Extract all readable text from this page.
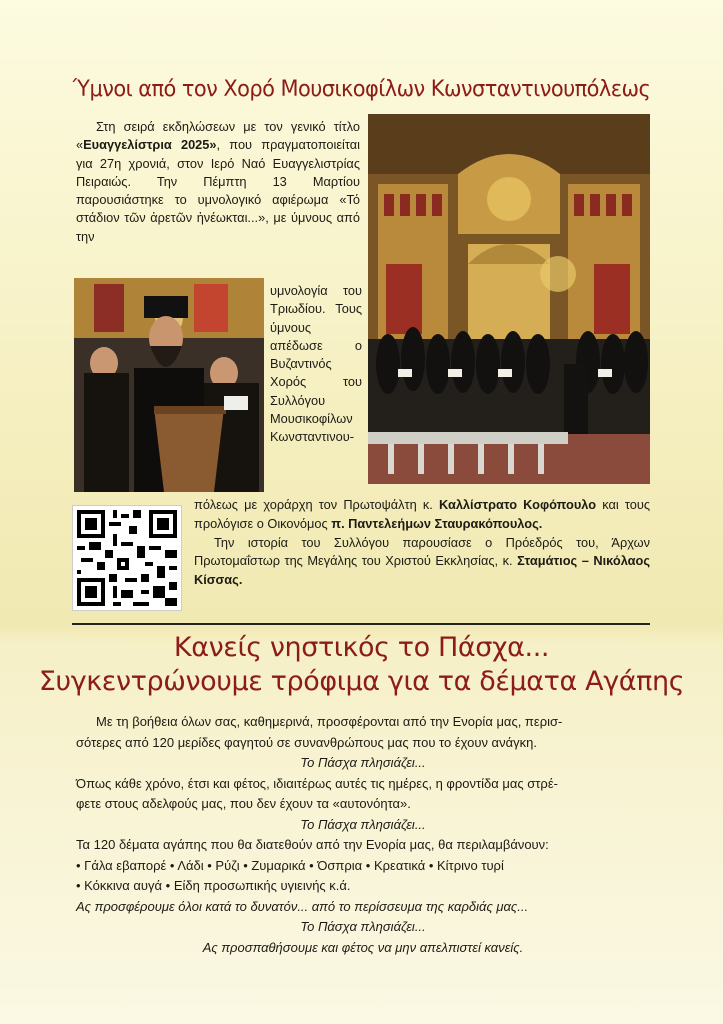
Ύμνοι από τον Χορό Μουσικοφίλων Κωνσταντινουπόλεως
Στη σειρά εκδηλώσεων με τον γενικό τίτλο «Ευαγγελίστρια 2025», που πραγματοποιείται για 27η χρονιά, στον Ιερό Ναό Ευαγγελιστρίας Πειραιώς. Την Πέμπτη 13 Μαρτίου παρουσιάστηκε το υμνολογικό αφιέρωμα «Τό στάδιον τῶν ἀρετῶν ἠνέωκται...», με ύμνους από την
υμνολογία του Τριωδίου. Τους ύμνους απέδωσε ο Βυζαντινός Χορός του Συλλόγου Μουσικοφίλων Κωνσταντινου-
πόλεως με χοράρχη τον Πρωτοψάλτη κ. Καλλίστρατο Κοφόπουλο και τους προλόγισε ο Οικονόμος π. Παντελεήμων Σταυρακόπουλος.
Την ιστορία του Συλλόγου παρουσίασε ο Πρόεδρός του, Άρχων Πρωτομαΐστωρ της Μεγάλης του Χριστού Εκκλησίας, κ. Σταμάτιος – Νικόλαος Κίσσας.
Κανείς νηστικός το Πάσχα...
Συγκεντρώνουμε τρόφιμα για τα δέματα Αγάπης
Με τη βοήθεια όλων σας, καθημερινά, προσφέρονται από την Ενορία μας, περισ-
σότερες από 120 μερίδες φαγητού σε συνανθρώπους μας που το έχουν ανάγκη.
Το Πάσχα πλησιάζει...
Όπως κάθε χρόνο, έτσι και φέτος, ιδιαιτέρως αυτές τις ημέρες, η φροντίδα μας στρέ-
φετε στους αδελφούς μας, που δεν έχουν τα «αυτονόητα».
Το Πάσχα πλησιάζει...
Τα 120 δέματα αγάπης που θα διατεθούν από την Ενορία μας, θα περιλαμβάνουν:
• Γάλα εβαπορέ • Λάδι • Ρύζι • Ζυμαρικά • Όσπρια • Κρεατικά • Κίτρινο τυρί
• Κόκκινα αυγά • Είδη προσωπικής υγιεινής κ.ά.
Ας προσφέρουμε όλοι κατά το δυνατόν... από το περίσσευμα της καρδιάς μας...
Το Πάσχα πλησιάζει...
Ας προσπαθήσουμε και φέτος να μην απελπιστεί κανείς.
